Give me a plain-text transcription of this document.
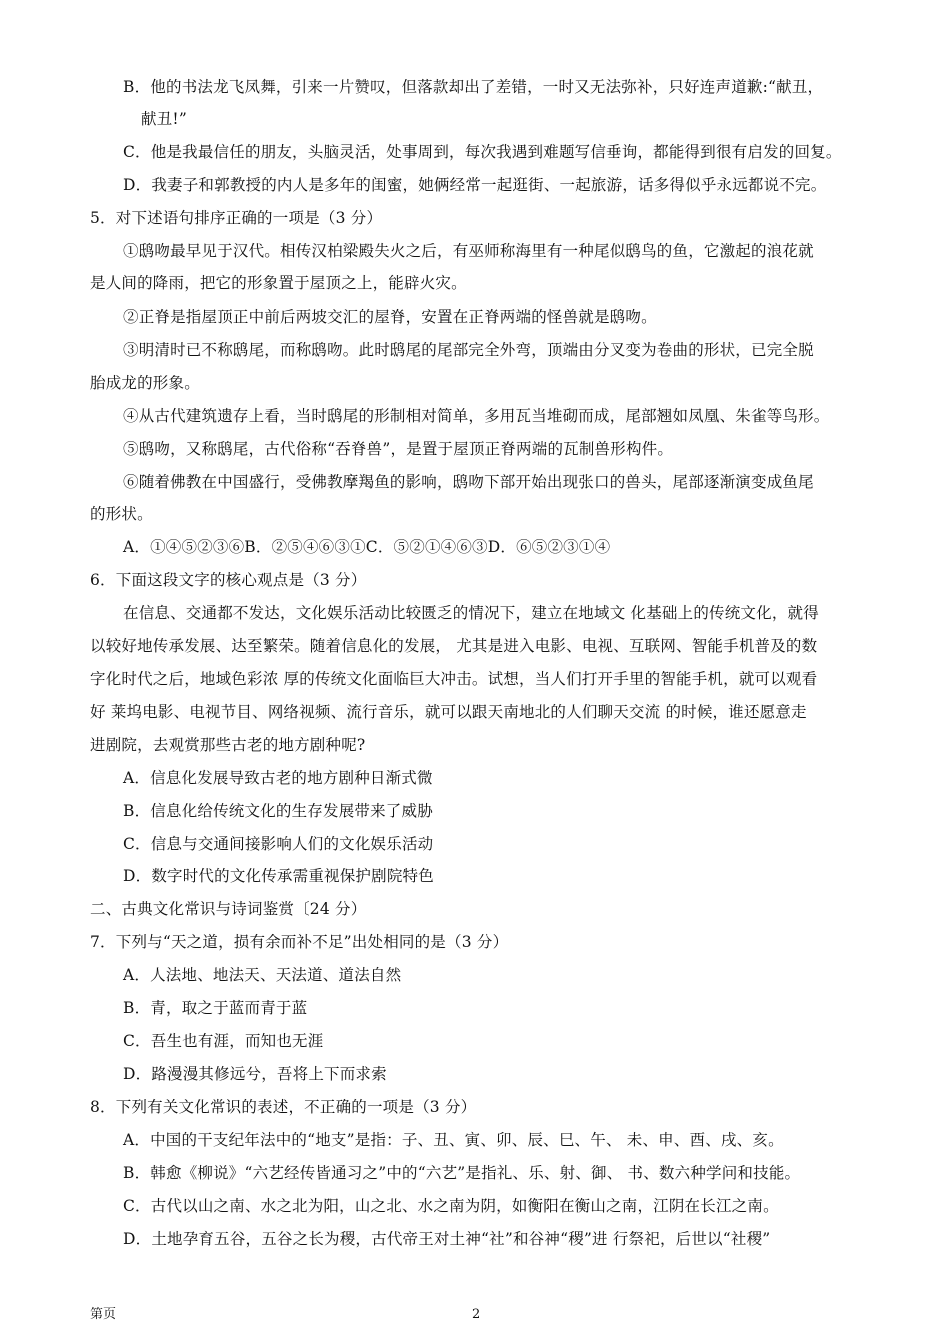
B．他的书法龙飞凤舞，引来一片赞叹，但落款却出了差错，一时又无法弥补，只好连声道歉:“献丑，
献丑!”
C．他是我最信任的朋友，头脑灵活，处事周到，每次我遇到难题写信垂询，都能得到很有启发的回复。
D．我妻子和郭教授的内人是多年的闺蜜，她俩经常一起逛街、一起旅游，话多得似乎永远都说不完。
5．对下述语句排序正确的一项是（3 分）
①鸱吻最早见于汉代。相传汉柏梁殿失火之后，有巫师称海里有一种尾似鸱鸟的鱼，它激起的浪花就
是人间的降雨，把它的形象置于屋顶之上，能辟火灾。
②正脊是指屋顶正中前后两坡交汇的屋脊，安置在正脊两端的怪兽就是鸱吻。
③明清时已不称鸱尾，而称鸱吻。此时鸱尾的尾部完全外弯，顶端由分叉变为卷曲的形状，已完全脱
胎成龙的形象。
④从古代建筑遗存上看，当时鸱尾的形制相对简单，多用瓦当堆砌而成，尾部翘如凤凰、朱雀等鸟形。
⑤鸱吻，又称鸱尾，古代俗称“吞脊兽”，是置于屋顶正脊两端的瓦制兽形构件。
⑥随着佛教在中国盛行，受佛教摩羯鱼的影响，鸱吻下部开始出现张口的兽头，尾部逐渐演变成鱼尾
的形状。
A．①④⑤②③⑥B．②⑤④⑥③①C．⑤②①④⑥③D．⑥⑤②③①④
6．下面这段文字的核心观点是（3 分）
在信息、交通都不发达，文化娱乐活动比较匮乏的情况下，建立在地域文 化基础上的传统文化，就得
以较好地传承发展、达至繁荣。随着信息化的发展， 尤其是进入电影、电视、互联网、智能手机普及的数
字化时代之后，地域色彩浓 厚的传统文化面临巨大冲击。试想，当人们打开手里的智能手机，就可以观看
好 莱坞电影、电视节目、网络视频、流行音乐，就可以跟天南地北的人们聊天交流 的时候，谁还愿意走
进剧院，去观赏那些古老的地方剧种呢?
A．信息化发展导致古老的地方剧种日渐式微
B．信息化给传统文化的生存发展带来了威胁
C．信息与交通间接影响人们的文化娱乐活动
D．数字时代的文化传承需重视保护剧院特色
二、古典文化常识与诗词鉴赏〔24 分）
7．下列与“天之道，损有余而补不足”出处相同的是（3 分）
A．人法地、地法天、天法道、道法自然
B．青，取之于蓝而青于蓝
C．吾生也有涯，而知也无涯
D．路漫漫其修远兮，吾将上下而求索
8．下列有关文化常识的表述，不正确的一项是（3 分）
A．中国的干支纪年法中的“地支”是指：子、丑、寅、卯、辰、巳、午、 未、申、酉、戌、亥。
B．韩愈《柳说》“六艺经传皆通习之”中的“六艺”是指礼、乐、射、御、 书、数六种学问和技能。
C．古代以山之南、水之北为阳，山之北、水之南为阴，如衡阳在衡山之南，江阴在长江之南。
D．土地孕育五谷，五谷之长为稷，古代帝王对土神“社”和谷神“稷”进 行祭祀，后世以“社稷”
第页	2
